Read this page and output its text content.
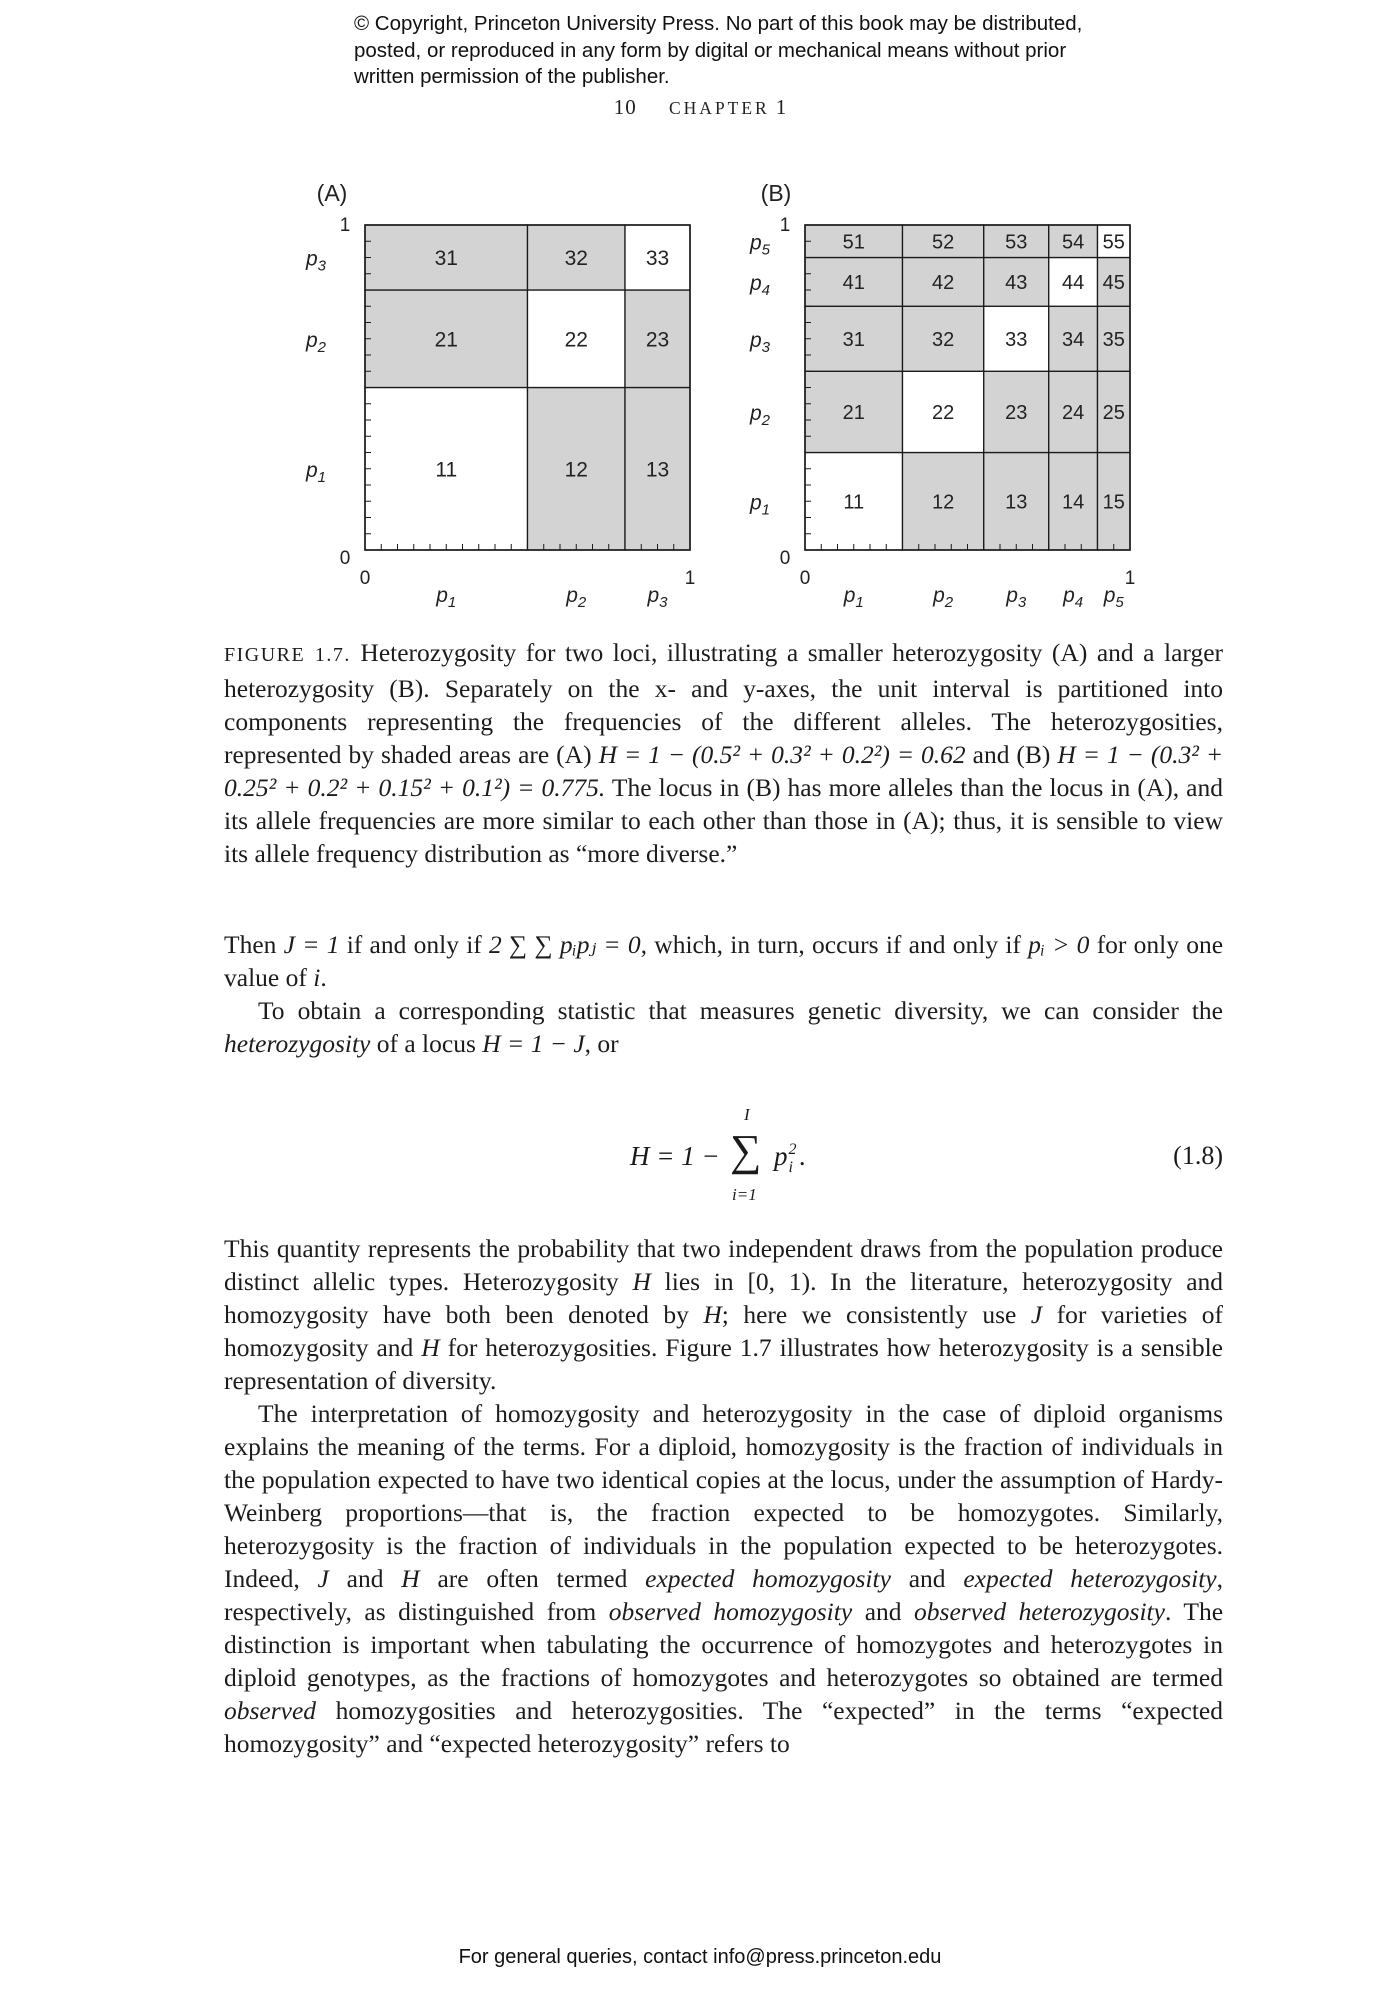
© Copyright, Princeton University Press. No part of this book may be distributed, posted, or reproduced in any form by digital or mechanical means without prior written permission of the publisher.
10 CHAPTER 1
11	12	13
21	22	23
31	32	33
$p_1$
$p_2$
$p_3$
$p_1$	$p_2$	$p_3$
0
0
1
1
(A)
11	12	13 14 15
21	22	23 24 25
31	32	33 34 35
41	42	43 44 45
51	52	53 54 55
$p_1$
$p_2$
$p_3$
$p_4$
$p_5$
$p_1$	$p_2$	$p_3$ $p_4$ $p_5$
0
0
1
1
(B)

FIGURE 1.7. Heterozygosity for two loci, illustrating a smaller heterozygosity (A) and a larger heterozygosity (B). Separately on the x- and y-axes, the unit interval is partitioned into components representing the frequencies of the different alleles. The heterozygosities, represented by shaded areas are (A) H = 1 − (0.5² + 0.3² + 0.2²) = 0.62 and (B) H = 1 − (0.3² + 0.25² + 0.2² + 0.15² + 0.1²) = 0.775. The locus in (B) has more alleles than the locus in (A), and its allele frequencies are more similar to each other than those in (A); thus, it is sensible to view its allele frequency distribution as “more diverse.”

Then J = 1 if and only if 2 ∑ ∑ pᵢpⱼ = 0, which, in turn, occurs if and only if pᵢ > 0 for only one value of i.

To obtain a corresponding statistic that measures genetic diversity, we can consider the heterozygosity of a locus H = 1 − J, or

H = 1 −
I
∑
i=1
p 2
i .	(1.8)

This quantity represents the probability that two independent draws from the population produce distinct allelic types. Heterozygosity H lies in [0, 1). In the literature, heterozygosity and homozygosity have both been denoted by H; here we consistently use J for varieties of homozygosity and H for heterozygosities. Figure 1.7 illustrates how heterozygosity is a sensible representation of diversity.

The interpretation of homozygosity and heterozygosity in the case of diploid organisms explains the meaning of the terms. For a diploid, homozygosity is the fraction of individuals in the population expected to have two identical copies at the locus, under the assumption of Hardy-Weinberg proportions—that is, the fraction expected to be homozygotes. Similarly, heterozygosity is the fraction of individuals in the population expected to be heterozygotes. Indeed, J and H are often termed expected homozygosity and expected heterozygosity, respectively, as distinguished from observed homozygosity and observed heterozygosity. The distinction is important when tabulating the occurrence of homozygotes and heterozygotes in diploid genotypes, as the fractions of homozygotes and heterozygotes so obtained are termed observed homozygosities and heterozygosities. The “expected” in the terms “expected homozygosity” and “expected heterozygosity” refers to

For general queries, contact info@press.princeton.edu
